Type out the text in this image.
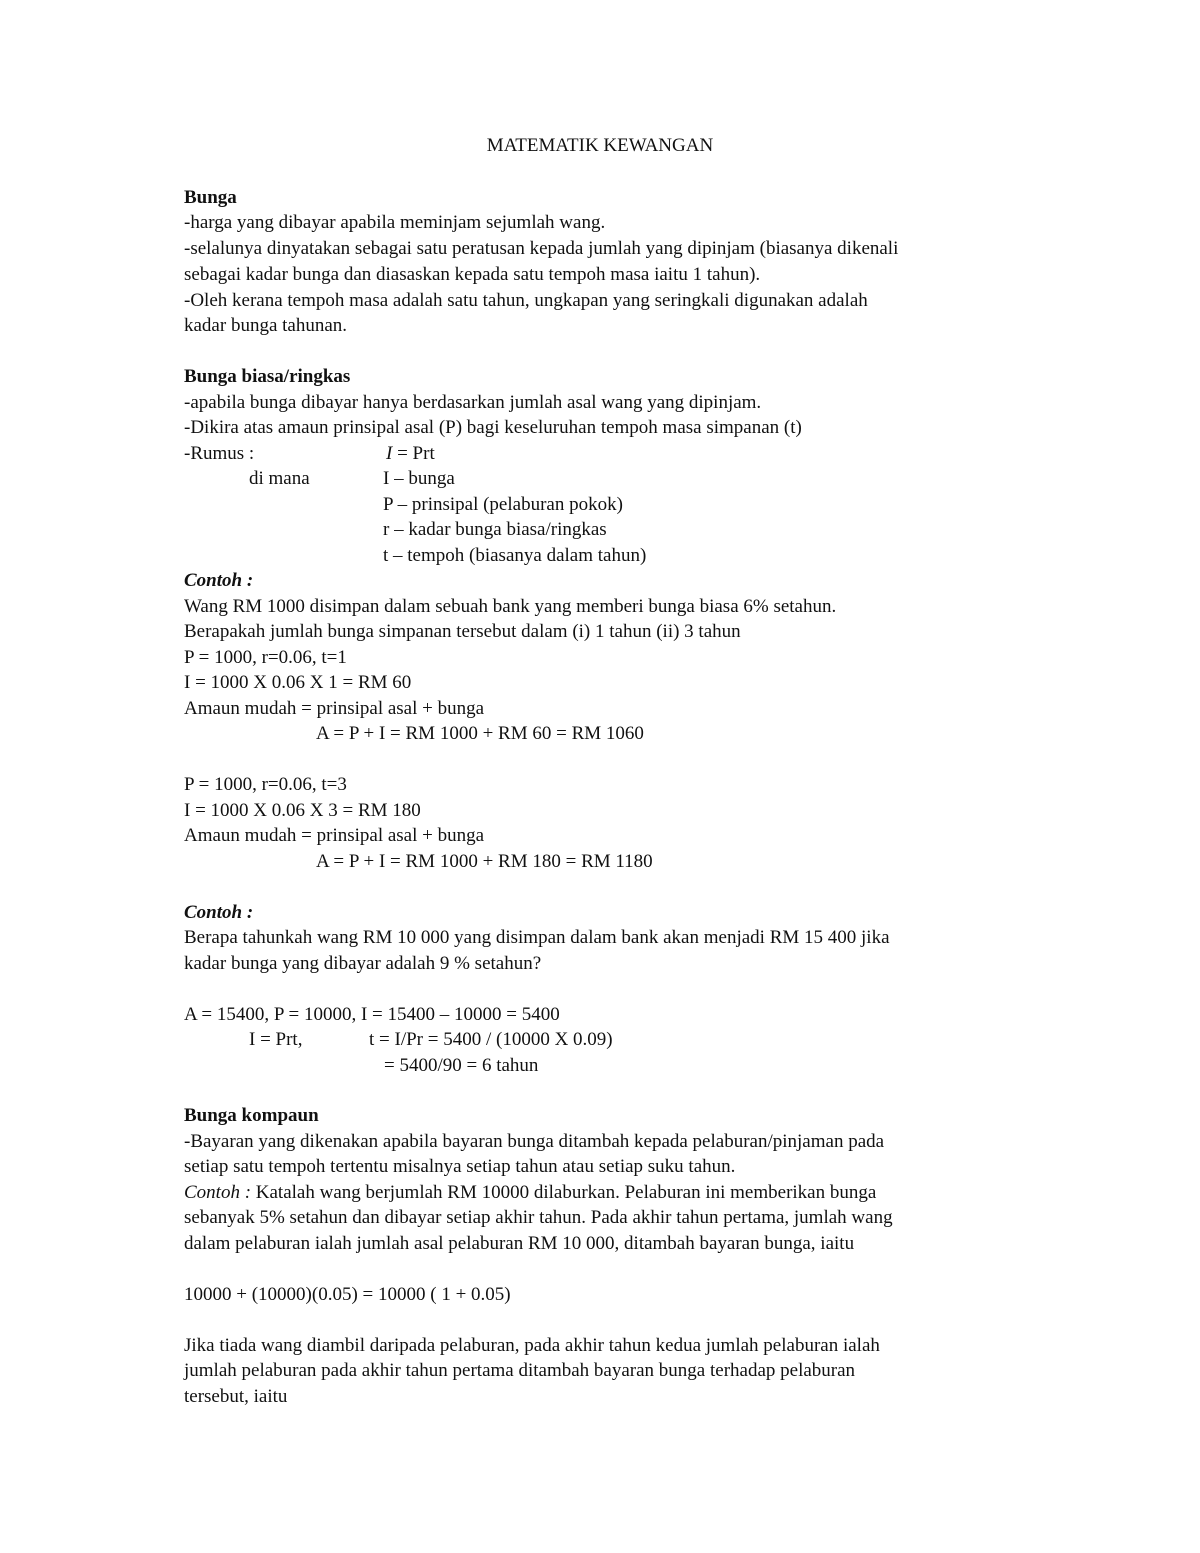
MATEMATIK KEWANGAN
Bunga
-harga yang dibayar apabila meminjam sejumlah wang.
-selalunya dinyatakan sebagai satu peratusan kepada jumlah yang dipinjam (biasanya dikenali
sebagai kadar bunga dan diasaskan kepada satu tempoh masa iaitu 1 tahun).
-Oleh kerana tempoh masa adalah satu tahun, ungkapan yang seringkali digunakan adalah
kadar bunga tahunan.
Bunga biasa/ringkas
-apabila bunga dibayar hanya berdasarkan jumlah asal wang yang dipinjam.
-Dikira atas amaun prinsipal asal (P) bagi keseluruhan tempoh masa simpanan (t)
-Rumus :	I = Prt
di mana	I – bunga
P – prinsipal (pelaburan pokok)
r – kadar bunga biasa/ringkas
t – tempoh (biasanya dalam tahun)
Contoh :
Wang RM 1000 disimpan dalam sebuah bank yang memberi bunga biasa 6% setahun.
Berapakah jumlah bunga simpanan tersebut dalam (i) 1 tahun (ii) 3 tahun
P = 1000, r=0.06, t=1
I = 1000 X 0.06 X 1 = RM 60
Amaun mudah = prinsipal asal + bunga
A = P + I = RM 1000 + RM 60 = RM 1060
P = 1000, r=0.06, t=3
I = 1000 X 0.06 X 3 = RM 180
Amaun mudah = prinsipal asal + bunga
A = P + I = RM 1000 + RM 180 = RM 1180
Contoh :
Berapa tahunkah wang RM 10 000 yang disimpan dalam bank akan menjadi RM 15 400 jika
kadar bunga yang dibayar adalah 9 % setahun?
A = 15400, P = 10000, I = 15400 – 10000 = 5400
I = Prt,	t = I/Pr = 5400 / (10000 X 0.09)
= 5400/90 = 6 tahun
Bunga kompaun
-Bayaran yang dikenakan apabila bayaran bunga ditambah kepada pelaburan/pinjaman pada
setiap satu tempoh tertentu misalnya setiap tahun atau setiap suku tahun.
Contoh : Katalah wang berjumlah RM 10000 dilaburkan. Pelaburan ini memberikan bunga
sebanyak 5% setahun dan dibayar setiap akhir tahun. Pada akhir tahun pertama, jumlah wang
dalam pelaburan ialah jumlah asal pelaburan RM 10 000, ditambah bayaran bunga, iaitu
10000 + (10000)(0.05) = 10000 ( 1 + 0.05)
Jika tiada wang diambil daripada pelaburan, pada akhir tahun kedua jumlah pelaburan ialah
jumlah pelaburan pada akhir tahun pertama ditambah bayaran bunga terhadap pelaburan
tersebut, iaitu
